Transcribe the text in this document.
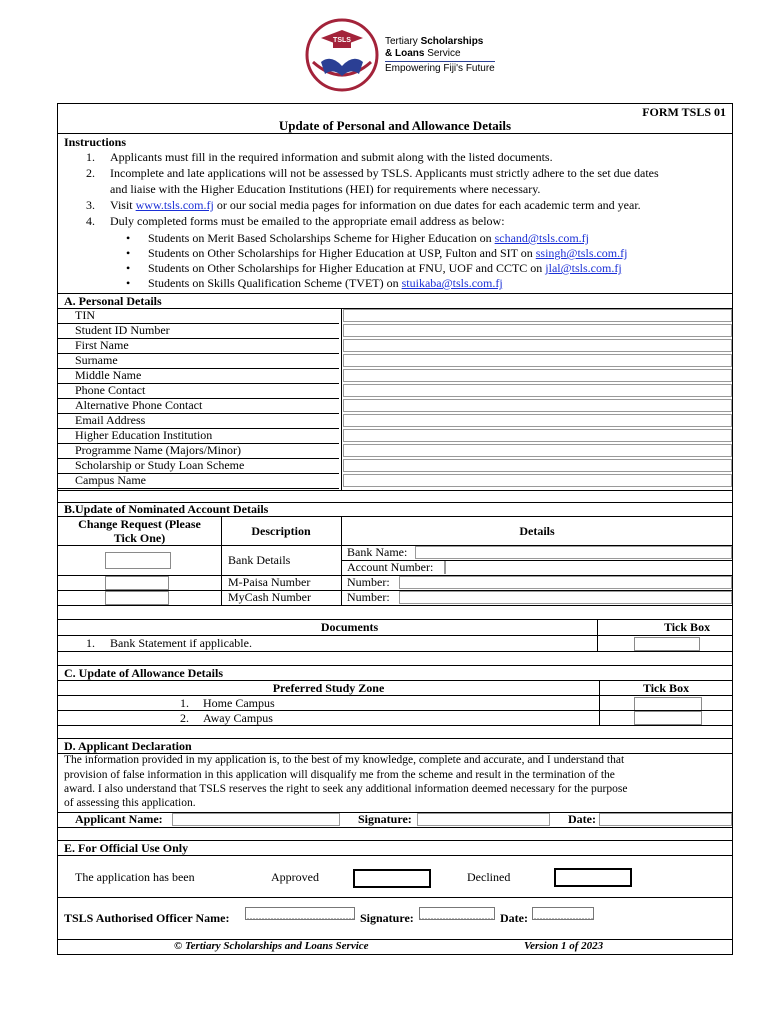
TSLS	Tertiary Scholarships
& Loans Service
Empowering Fiji's Future
FORM TSLS 01
Update of Personal and Allowance Details
Instructions
1. Applicants must fill in the required information and submit along with the listed documents.
2. Incomplete and late applications will not be assessed by TSLS. Applicants must strictly adhere to the set due dates
and liaise with the Higher Education Institutions (HEI) for requirements where necessary.
3. Visit www.tsls.com.fj or our social media pages for information on due dates for each academic term and year.
4. Duly completed forms must be emailed to the appropriate email address as below:
• Students on Merit Based Scholarships Scheme for Higher Education on schand@tsls.com.fj
• Students on Other Scholarships for Higher Education at USP, Fulton and SIT on ssingh@tsls.com.fj
• Students on Other Scholarships for Higher Education at FNU, UOF and CCTC on jlal@tsls.com.fj
• Students on Skills Qualification Scheme (TVET) on stuikaba@tsls.com.fj
A. Personal Details
TIN
Student ID Number
First Name
Surname
Middle Name
Phone Contact
Alternative Phone Contact
Email Address
Higher Education Institution
Programme Name (Majors/Minor)
Scholarship or Study Loan Scheme
Campus Name
B.Update of Nominated Account Details
Change Request (Please
Tick One)	Description	Details
Bank Details
Bank Name:
Account Number:
M-Paisa Number	Number:
MyCash Number	Number:
Documents	Tick Box
1. Bank Statement if applicable.
C. Update of Allowance Details
Preferred Study Zone	Tick Box
1. Home Campus
2. Away Campus
D. Applicant Declaration
The information provided in my application is, to the best of my knowledge, complete and accurate, and I understand that
provision of false information in this application will disqualify me from the scheme and result in the termination of the
award. I also understand that TSLS reserves the right to seek any additional information deemed necessary for the purpose
of assessing this application.
Applicant Name:	Signature:	Date:
E. For Official Use Only
The application has been	Approved	Declined
TSLS Authorised Officer Name:	Signature:	Date:
© Tertiary Scholarships and Loans Service	Version 1 of 2023
